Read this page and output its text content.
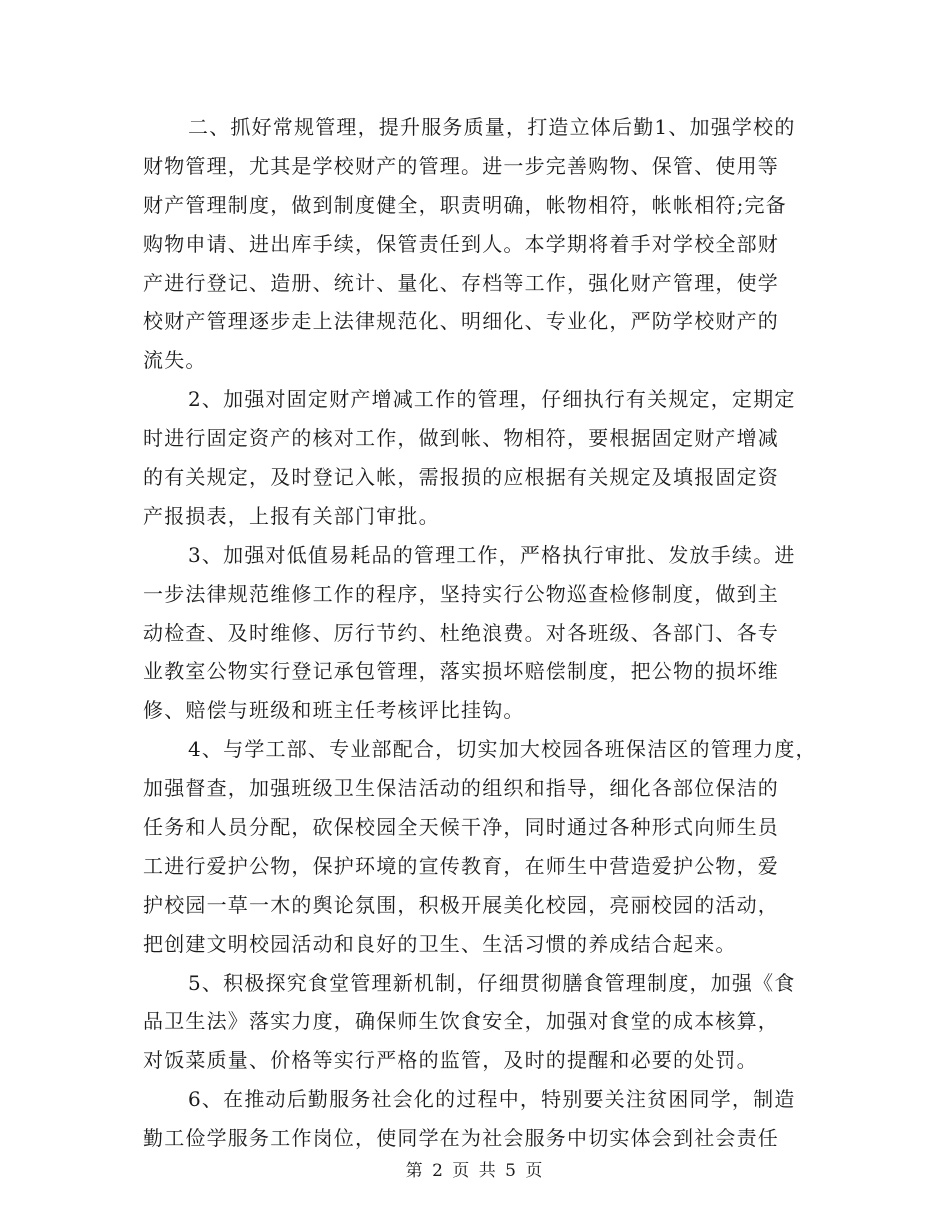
二、抓好常规管理，提升服务质量，打造立体后勤1、加强学校的
财物管理，尤其是学校财产的管理。进一步完善购物、保管、使用等
财产管理制度，做到制度健全，职责明确，帐物相符，帐帐相符;完备
购物申请、进出库手续，保管责任到人。本学期将着手对学校全部财
产进行登记、造册、统计、量化、存档等工作，强化财产管理，使学
校财产管理逐步走上法律规范化、明细化、专业化，严防学校财产的
流失。
2、加强对固定财产增减工作的管理，仔细执行有关规定，定期定
时进行固定资产的核对工作，做到帐、物相符，要根据固定财产增减
的有关规定，及时登记入帐，需报损的应根据有关规定及填报固定资
产报损表，上报有关部门审批。
3、加强对低值易耗品的管理工作，严格执行审批、发放手续。进
一步法律规范维修工作的程序，坚持实行公物巡查检修制度，做到主
动检查、及时维修、厉行节约、杜绝浪费。对各班级、各部门、各专
业教室公物实行登记承包管理，落实损坏赔偿制度，把公物的损坏维
修、赔偿与班级和班主任考核评比挂钩。
4、与学工部、专业部配合，切实加大校园各班保洁区的管理力度，
加强督查，加强班级卫生保洁活动的组织和指导，细化各部位保洁的
任务和人员分配，砍保校园全天候干净，同时通过各种形式向师生员
工进行爱护公物，保护环境的宣传教育，在师生中营造爱护公物，爱
护校园一草一木的舆论氛围，积极开展美化校园，亮丽校园的活动，
把创建文明校园活动和良好的卫生、生活习惯的养成结合起来。
5、积极探究食堂管理新机制，仔细贯彻膳食管理制度，加强《食
品卫生法》落实力度，确保师生饮食安全，加强对食堂的成本核算，
对饭菜质量、价格等实行严格的监管，及时的提醒和必要的处罚。
6、在推动后勤服务社会化的过程中，特别要关注贫困同学，制造
勤工俭学服务工作岗位，使同学在为社会服务中切实体会到社会责任
第 2 页 共 5 页
